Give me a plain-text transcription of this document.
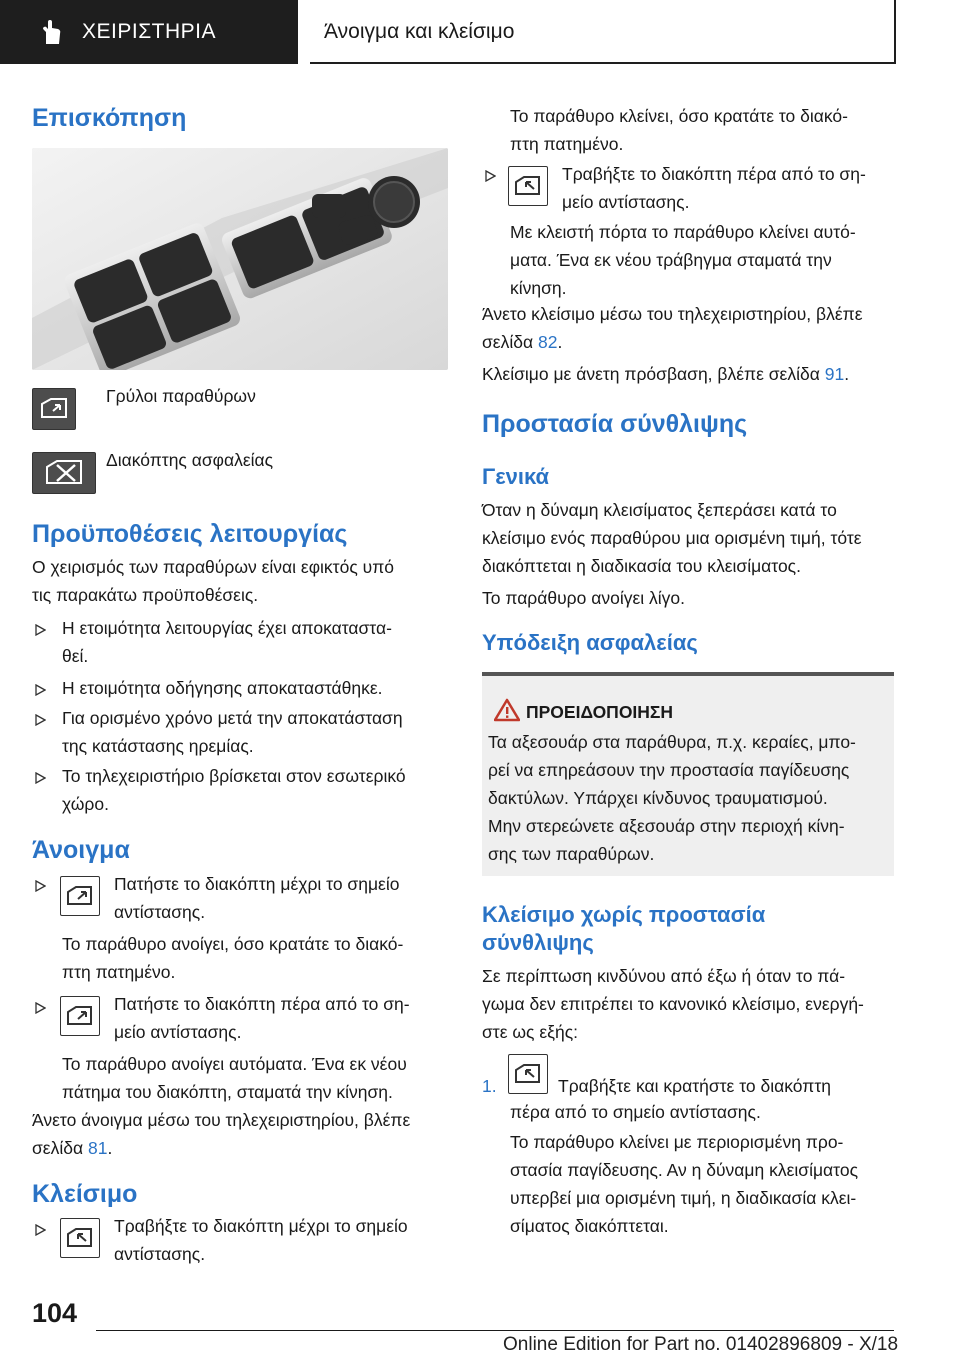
ΧΕΙΡΙΣΤΗΡΙΑ	Άνοιγμα και κλείσιμο
Επισκόπηση
Γρύλοι παραθύρων
Διακόπτης ασφαλείας
Προϋποθέσεις λειτουργίας
Ο χειρισμός των παραθύρων είναι εφικτός υπό
τις παρακάτω προϋποθέσεις.
Η ετοιμότητα λειτουργίας έχει αποκαταστα‐
θεί.
Η ετοιμότητα οδήγησης αποκαταστάθηκε.
Για ορισμένο χρόνο μετά την αποκατάσταση
της κατάστασης ηρεμίας.
Το τηλεχειριστήριο βρίσκεται στον εσωτερικό
χώρο.
Άνοιγμα
Πατήστε το διακόπτη μέχρι το σημείο
αντίστασης.
Το παράθυρο ανοίγει, όσο κρατάτε το διακό‐
πτη πατημένο.
Πατήστε το διακόπτη πέρα από το ση‐
μείο αντίστασης.
Το παράθυρο ανοίγει αυτόματα. Ένα εκ νέου
πάτημα του διακόπτη, σταματά την κίνηση.
Άνετο άνοιγμα μέσω του τηλεχειριστηρίου, βλέπε
σελίδα 81.
Κλείσιμο
Τραβήξτε το διακόπτη μέχρι το σημείο
αντίστασης.
Το παράθυρο κλείνει, όσο κρατάτε το διακό‐
πτη πατημένο.
Τραβήξτε το διακόπτη πέρα από το ση‐
μείο αντίστασης.
Με κλειστή πόρτα το παράθυρο κλείνει αυτό‐
ματα. Ένα εκ νέου τράβηγμα σταματά την
κίνηση.
Άνετο κλείσιμο μέσω του τηλεχειριστηρίου, βλέπε
σελίδα 82.
Κλείσιμο με άνετη πρόσβαση, βλέπε σελίδα 91.
Προστασία σύνθλιψης
Γενικά
Όταν η δύναμη κλεισίματος ξεπεράσει κατά το
κλείσιμο ενός παραθύρου μια ορισμένη τιμή, τότε
διακόπτεται η διαδικασία του κλεισίματος.
Το παράθυρο ανοίγει λίγο.
Υπόδειξη ασφαλείας
ΠΡΟΕΙΔΟΠΟΙΗΣΗ
Τα αξεσουάρ στα παράθυρα, π.χ. κεραίες, μπο‐
ρεί να επηρεάσουν την προστασία παγίδευσης
δακτύλων. Υπάρχει κίνδυνος τραυματισμού.
Μην στερεώνετε αξεσουάρ στην περιοχή κίνη‐
σης των παραθύρων.
Κλείσιμο χωρίς προστασία
σύνθλιψης
Σε περίπτωση κινδύνου από έξω ή όταν το πά‐
γωμα δεν επιτρέπει το κανονικό κλείσιμο, ενεργή‐
στε ως εξής:
1.	Τραβήξτε και κρατήστε το διακόπτη
πέρα από το σημείο αντίστασης.
Το παράθυρο κλείνει με περιορισμένη προ‐
στασία παγίδευσης. Αν η δύναμη κλεισίματος
υπερβεί μια ορισμένη τιμή, η διαδικασία κλει‐
σίματος διακόπτεται.
104
Online Edition for Part no. 01402896809 - X/18
